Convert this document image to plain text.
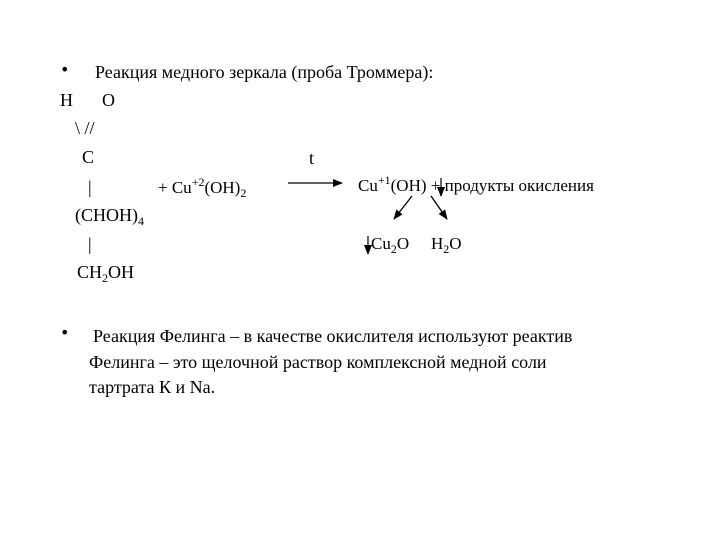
• Реакция медного зеркала (проба Троммера):
H O
\ //
C
|
$(CHOH)_4$
|
$CH_2OH$
+ $Cu^{+2}(OH)_2$
t
$Cu^{+1}(OH)$ + продукты окисления
$Cu_2O$ $H_2O$
• Реакция Фелинга – в качестве окислителя используют реактив
Фелинга – это щелочной раствор комплексной медной соли
тартрата К и Na.
